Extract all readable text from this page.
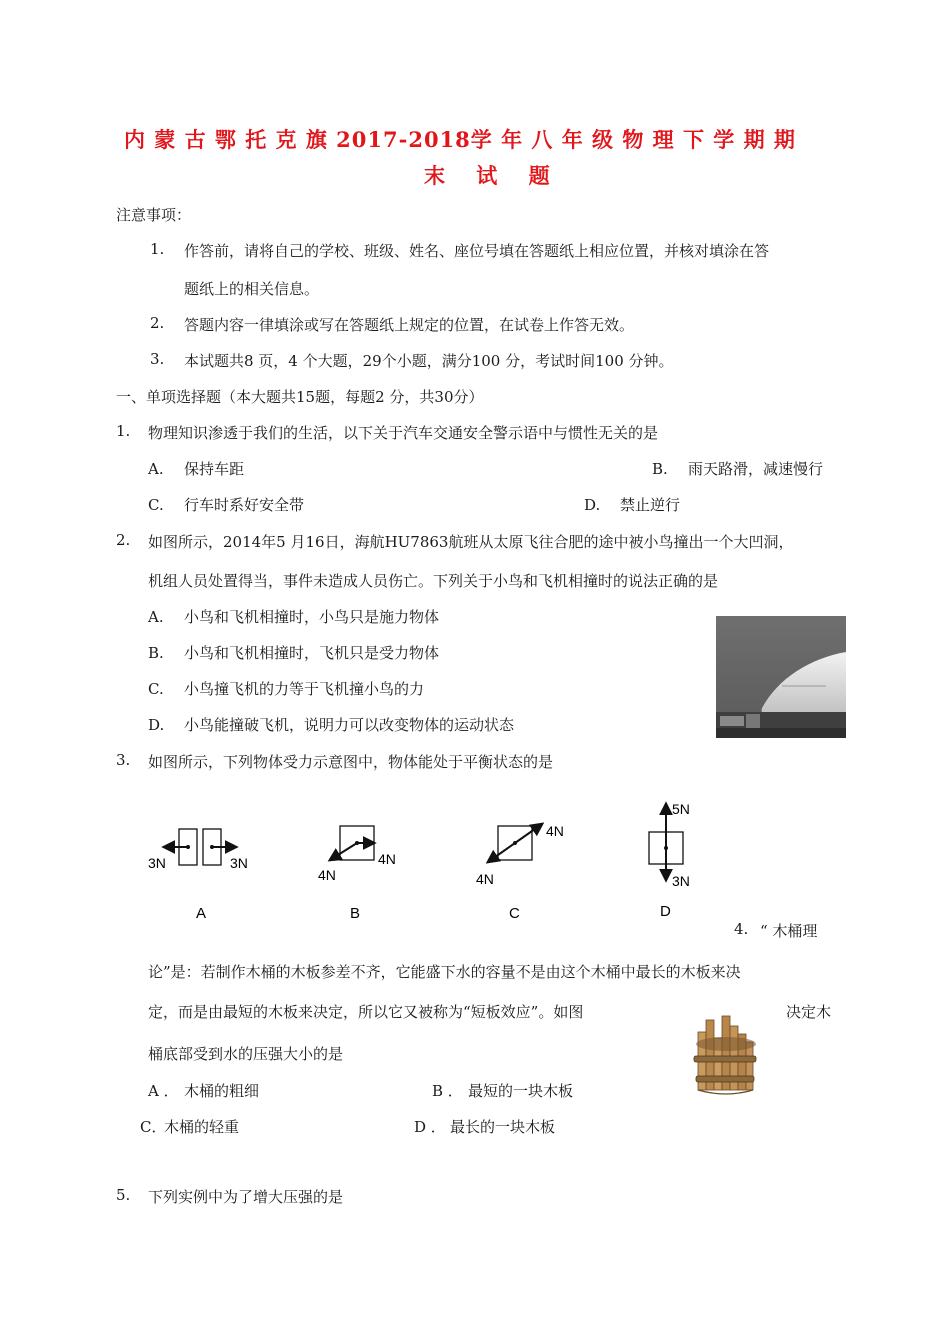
内 蒙 古 鄂 托 克 旗 2017-2018学 年 八 年 级 物 理 下 学 期 期
末 试 题
注意事项：
1. 作答前，请将自己的学校、班级、姓名、座位号填在答题纸上相应位置，并核对填涂在答
题纸上的相关信息。
2. 答题内容一律填涂或写在答题纸上规定的位置，在试卷上作答无效。
3. 本试题共8 页，4 个大题，29个小题，满分100 分，考试时间100 分钟。
一、单项选择题（本大题共15题，每题2 分，共30分）
1. 物理知识渗透于我们的生活，以下关于汽车交通安全警示语中与惯性无关的是
A. 保持车距	B. 雨天路滑，减速慢行
C. 行车时系好安全带	D. 禁止逆行
2. 如图所示，2014年5 月16日，海航HU7863航班从太原飞往合肥的途中被小鸟撞出一个大凹洞，
机组人员处置得当，事件未造成人员伤亡。下列关于小鸟和飞机相撞时的说法正确的是
A. 小鸟和飞机相撞时，小鸟只是施力物体
B. 小鸟和飞机相撞时，飞机只是受力物体
C. 小鸟撞飞机的力等于飞机撞小鸟的力
D. 小鸟能撞破飞机，说明力可以改变物体的运动状态
3. 如图所示，下列物体受力示意图中，物体能处于平衡状态的是
3N	3N
A
4N
4N
B
4N
4N
C
5N
3N
D
4. “ 木桶理
论”是：若制作木桶的木板参差不齐，它能盛下水的容量不是由这个木桶中最长的木板来决
定，而是由最短的木板来决定，所以它又被称为“短板效应”。如图	决定木
桶底部受到水的压强大小的是
A ． 木桶的粗细	B ． 最短的一块木板
C．木桶的轻重	D ． 最长的一块木板
5. 下列实例中为了增大压强的是
